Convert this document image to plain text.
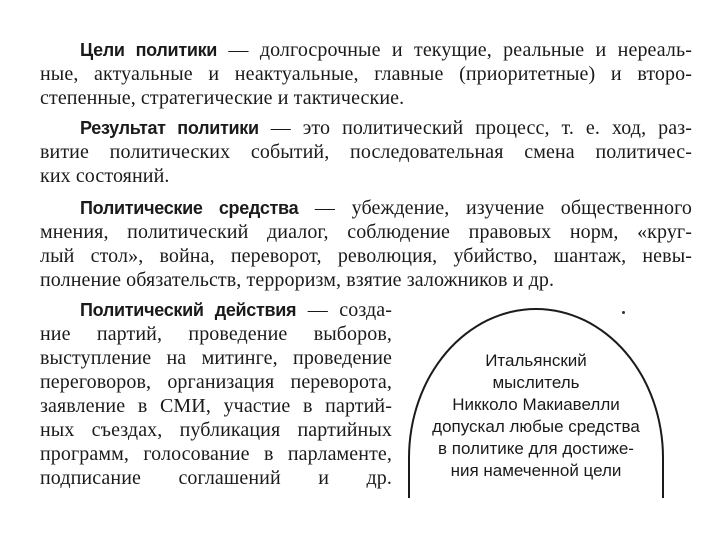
Цели политики — долгосрочные и текущие, реальные и нереаль-
ные, актуальные и неактуальные, главные (приоритетные) и второ-
степенные, стратегические и тактические.
Результат политики — это политический процесс, т. е. ход, раз-
витие политических событий, последовательная смена политичес-
ких состояний.
Политические средства — убеждение, изучение общественного
мнения, политический диалог, соблюдение правовых норм, «круг-
лый стол», война, переворот, революция, убийство, шантаж, невы-
полнение обязательств, терроризм, взятие заложников и др.
Политический действия — созда-
ние партий, проведение выборов,
выступление на митинге, проведение
переговоров, организация переворота,
заявление в СМИ, участие в партий-
ных съездах, публикация партийных
программ, голосование в парламенте,
подписание соглашений и др.
Итальянский
мыслитель
Никколо Макиавелли
допускал любые средства
в политике для достиже-
ния намеченной цели
